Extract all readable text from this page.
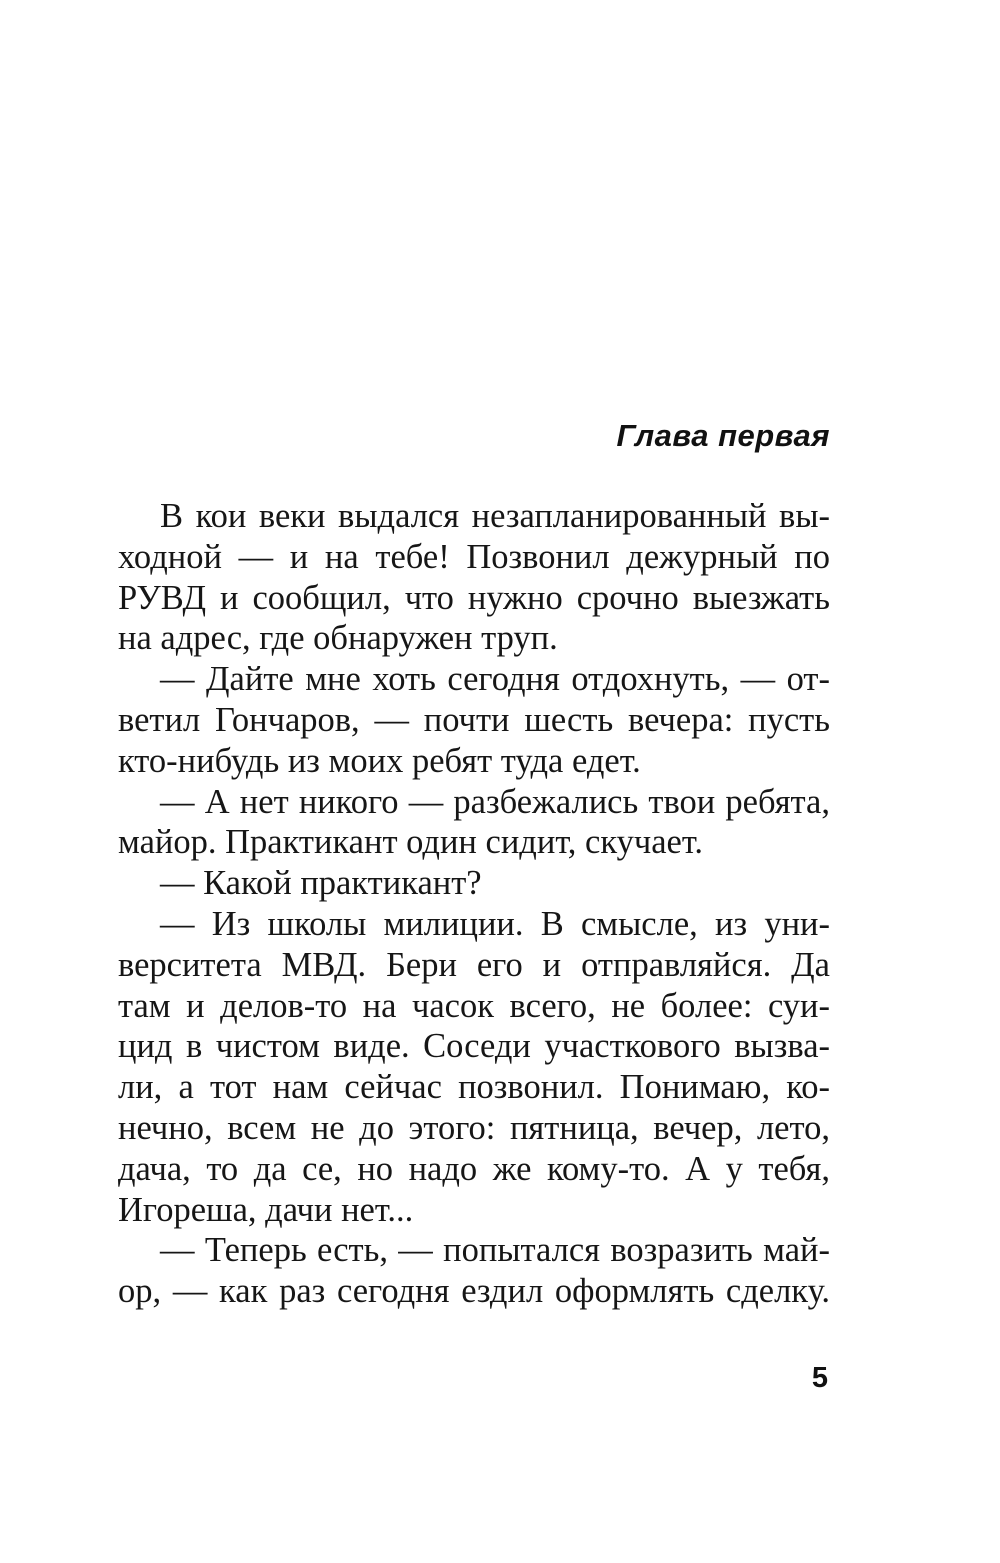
Глава первая
В кои веки выдался незапланированный вы-
ходной — и на тебе! Позвонил дежурный по
РУВД и сообщил, что нужно срочно выезжать
на адрес, где обнаружен труп.
— Дайте мне хоть сегодня отдохнуть, — от-
ветил Гончаров, — почти шесть вечера: пусть
кто-нибудь из моих ребят туда едет.
— А нет никого — разбежались твои ребята,
майор. Практикант один сидит, скучает.
— Какой практикант?
— Из школы милиции. В смысле, из уни-
верситета МВД. Бери его и отправляйся. Да
там и делов-то на часок всего, не более: суи-
цид в чистом виде. Соседи участкового вызва-
ли, а тот нам сейчас позвонил. Понимаю, ко-
нечно, всем не до этого: пятница, вечер, лето,
дача, то да се, но надо же кому-то. А у тебя,
Игореша, дачи нет...
— Теперь есть, — попытался возразить май-
ор, — как раз сегодня ездил оформлять сделку.
5
